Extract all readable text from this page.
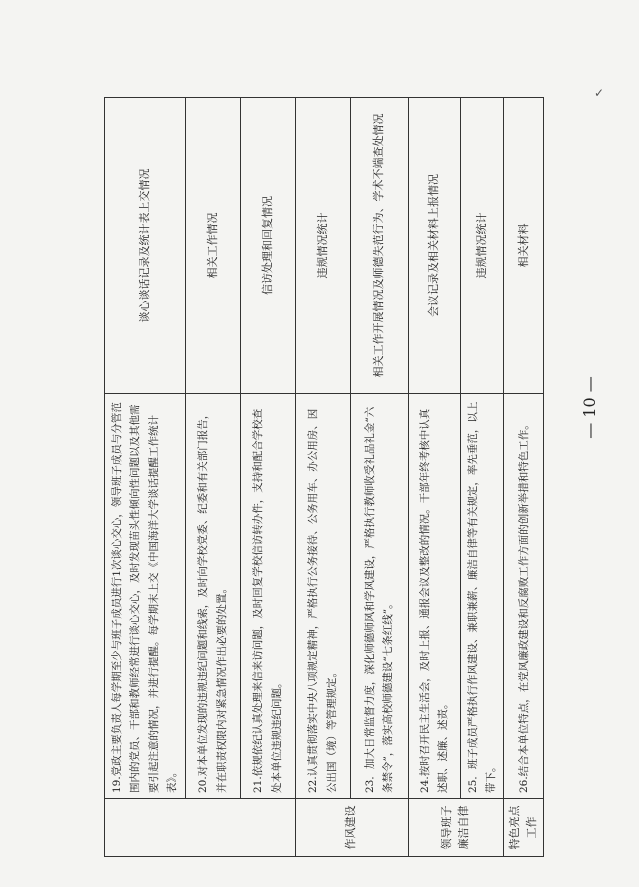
	19.党政主要负责人每学期至少与班子成员进行1次谈心交心，领导班子成员与分管范围内的党员、干部和教师经常进行谈心交心，及时发现苗头性倾向性问题以及其他需要引起注意的情况，并进行提醒。每学期末上交《中国海洋大学谈话提醒工作统计表》。	谈心谈话记录及统计表上交情况
	20.对本单位发现的违规违纪问题和线索，及时向学校党委、纪委和有关部门报告，并在职责权限内对紧急情况作出必要的处置。	相关工作情况
	21.依规依纪认真处理来信来访问题，及时回复学校信访转办件，支持和配合学校查处本单位违规违纪问题。	信访处理和回复情况
作风建设	22.认真贯彻落实中央八项规定精神，严格执行公务接待、公务用车、办公用房、因公出国（境）等管理规定。	违规情况统计
	23．加大日常监督力度，深化师德师风和学风建设，严格执行教师收受礼品礼金“六条禁令”，落实高校师德建设“七条红线”。	相关工作开展情况及师德失范行为、学术不端查处情况
领导班子廉洁自律	24.按时召开民主生活会，及时上报、通报会议及整改的情况。干部年终考核中认真述职、述廉、述责。	会议记录及相关材料上报情况
	25．班子成员严格执行作风建设、兼职兼薪、廉洁自律等有关规定，率先垂范，以上带下。	违规情况统计
特色亮点工作	26.结合本单位特点，在党风廉政建设和反腐败工作方面的创新举措和特色工作。	相关材料
— 10 —
✓
